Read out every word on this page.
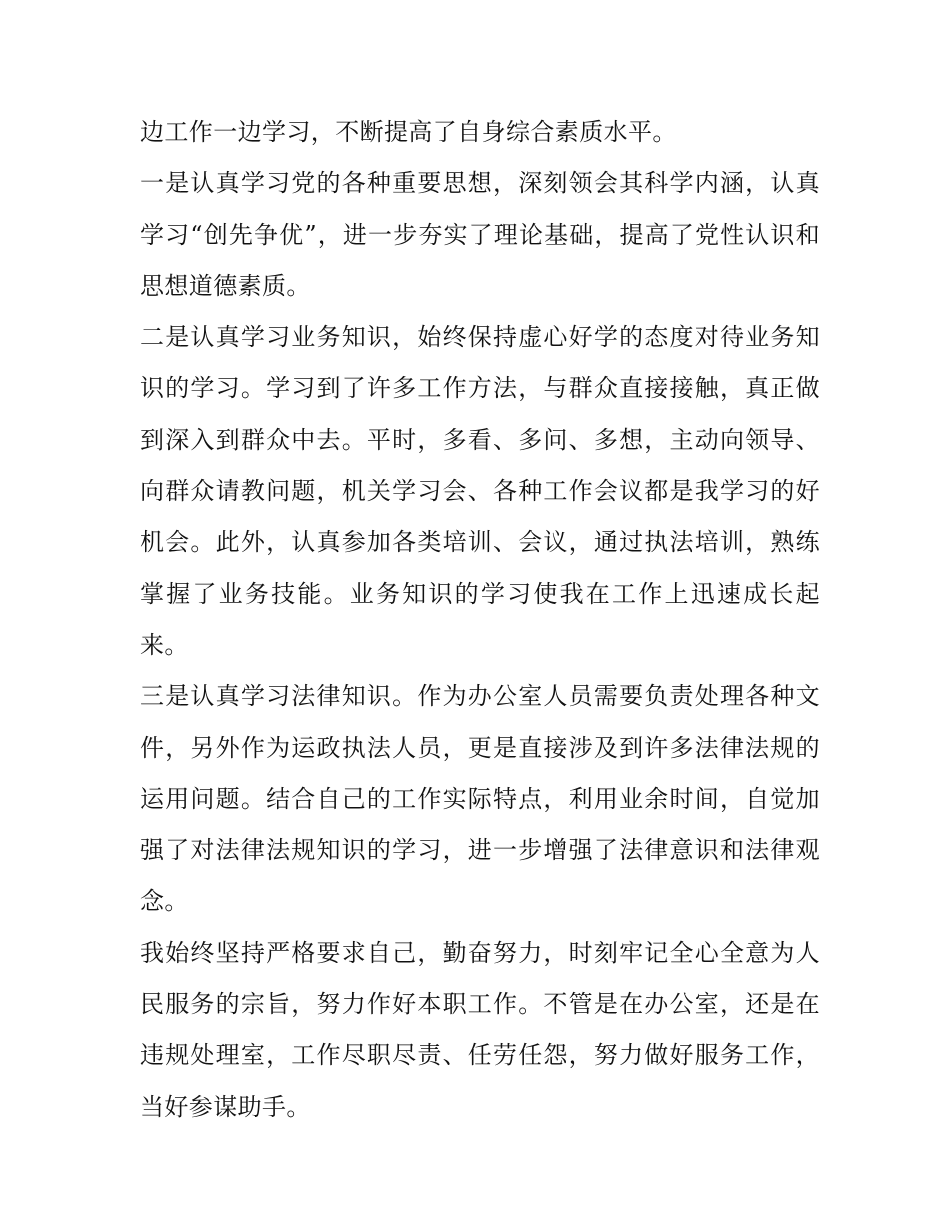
边工作一边学习，不断提高了自身综合素质水平。

一是认真学习党的各种重要思想，深刻领会其科学内涵，认真学习“创先争优”，进一步夯实了理论基础，提高了党性认识和思想道德素质。

二是认真学习业务知识，始终保持虚心好学的态度对待业务知识的学习。学习到了许多工作方法，与群众直接接触，真正做到深入到群众中去。平时，多看、多问、多想，主动向领导、向群众请教问题，机关学习会、各种工作会议都是我学习的好机会。此外，认真参加各类培训、会议，通过执法培训，熟练掌握了业务技能。业务知识的学习使我在工作上迅速成长起来。

三是认真学习法律知识。作为办公室人员需要负责处理各种文件，另外作为运政执法人员，更是直接涉及到许多法律法规的运用问题。结合自己的工作实际特点，利用业余时间，自觉加强了对法律法规知识的学习，进一步增强了法律意识和法律观念。

我始终坚持严格要求自己，勤奋努力，时刻牢记全心全意为人民服务的宗旨，努力作好本职工作。不管是在办公室，还是在违规处理室，工作尽职尽责、任劳任怨，努力做好服务工作，当好参谋助手。
